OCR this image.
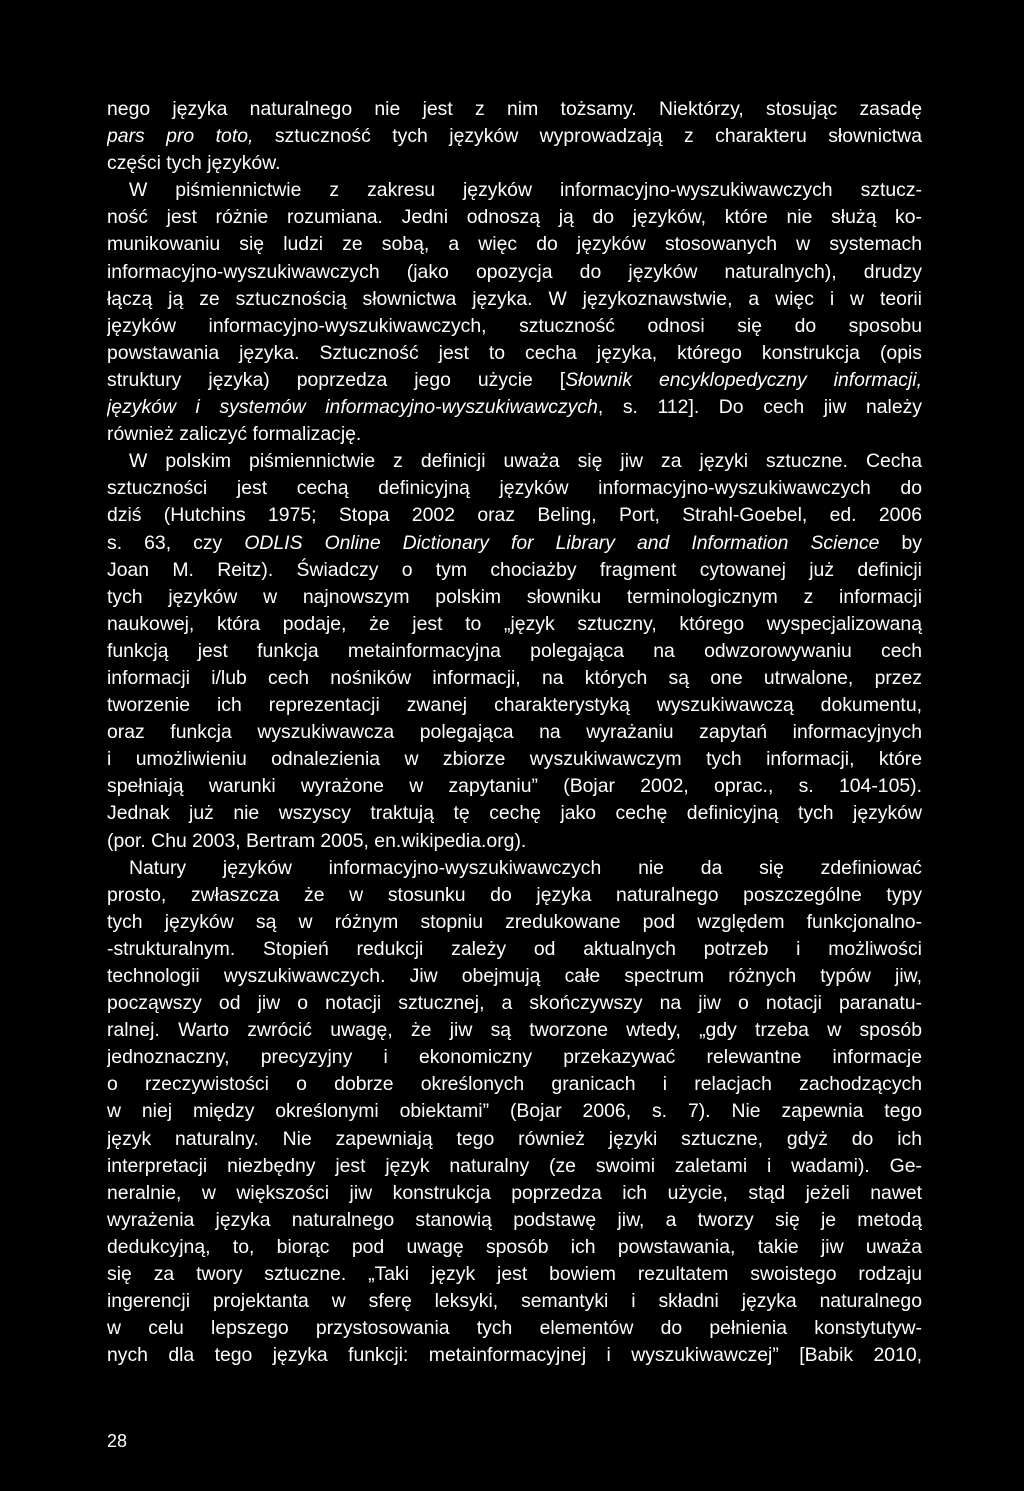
nego języka naturalnego nie jest z nim tożsamy. Niektórzy, stosując zasadę
pars pro toto, sztuczność tych języków wyprowadzają z charakteru słownictwa
części tych języków.
W piśmiennictwie z zakresu języków informacyjno-wyszukiwawczych sztucz-
ność jest różnie rozumiana. Jedni odnoszą ją do języków, które nie służą ko-
munikowaniu się ludzi ze sobą, a więc do języków stosowanych w systemach
informacyjno-wyszukiwawczych (jako opozycja do języków naturalnych), drudzy
łączą ją ze sztucznością słownictwa języka. W językoznawstwie, a więc i w teorii
języków informacyjno-wyszukiwawczych, sztuczność odnosi się do sposobu
powstawania języka. Sztuczność jest to cecha języka, którego konstrukcja (opis
struktury języka) poprzedza jego użycie [Słownik encyklopedyczny informacji,
języków i systemów informacyjno-wyszukiwawczych, s. 112]. Do cech jiw należy
również zaliczyć formalizację.
W polskim piśmiennictwie z definicji uważa się jiw za języki sztuczne. Cecha
sztuczności jest cechą definicyjną języków informacyjno-wyszukiwawczych do
dziś (Hutchins 1975; Stopa 2002 oraz Beling, Port, Strahl-Goebel, ed. 2006
s. 63, czy ODLIS Online Dictionary for Library and Information Science by
Joan M. Reitz). Świadczy o tym chociażby fragment cytowanej już definicji
tych języków w najnowszym polskim słowniku terminologicznym z informacji
naukowej, która podaje, że jest to „język sztuczny, którego wyspecjalizowaną
funkcją jest funkcja metainformacyjna polegająca na odwzorowywaniu cech
informacji i/lub cech nośników informacji, na których są one utrwalone, przez
tworzenie ich reprezentacji zwanej charakterystyką wyszukiwawczą dokumentu,
oraz funkcja wyszukiwawcza polegająca na wyrażaniu zapytań informacyjnych
i umożliwieniu odnalezienia w zbiorze wyszukiwawczym tych informacji, które
spełniają warunki wyrażone w zapytaniu” (Bojar 2002, oprac., s. 104-105).
Jednak już nie wszyscy traktują tę cechę jako cechę definicyjną tych języków
(por. Chu 2003, Bertram 2005, en.wikipedia.org).
Natury języków informacyjno-wyszukiwawczych nie da się zdefiniować
prosto, zwłaszcza że w stosunku do języka naturalnego poszczególne typy
tych języków są w różnym stopniu zredukowane pod względem funkcjonalno-
-strukturalnym. Stopień redukcji zależy od aktualnych potrzeb i możliwości
technologii wyszukiwawczych. Jiw obejmują całe spectrum różnych typów jiw,
począwszy od jiw o notacji sztucznej, a skończywszy na jiw o notacji paranatu-
ralnej. Warto zwrócić uwagę, że jiw są tworzone wtedy, „gdy trzeba w sposób
jednoznaczny, precyzyjny i ekonomiczny przekazywać relewantne informacje
o rzeczywistości o dobrze określonych granicach i relacjach zachodzących
w niej między określonymi obiektami” (Bojar 2006, s. 7). Nie zapewnia tego
język naturalny. Nie zapewniają tego również języki sztuczne, gdyż do ich
interpretacji niezbędny jest język naturalny (ze swoimi zaletami i wadami). Ge-
neralnie, w większości jiw konstrukcja poprzedza ich użycie, stąd jeżeli nawet
wyrażenia języka naturalnego stanowią podstawę jiw, a tworzy się je metodą
dedukcyjną, to, biorąc pod uwagę sposób ich powstawania, takie jiw uważa
się za twory sztuczne. „Taki język jest bowiem rezultatem swoistego rodzaju
ingerencji projektanta w sferę leksyki, semantyki i składni języka naturalnego
w celu lepszego przystosowania tych elementów do pełnienia konstytutyw-
nych dla tego języka funkcji: metainformacyjnej i wyszukiwawczej” [Babik 2010,
28
